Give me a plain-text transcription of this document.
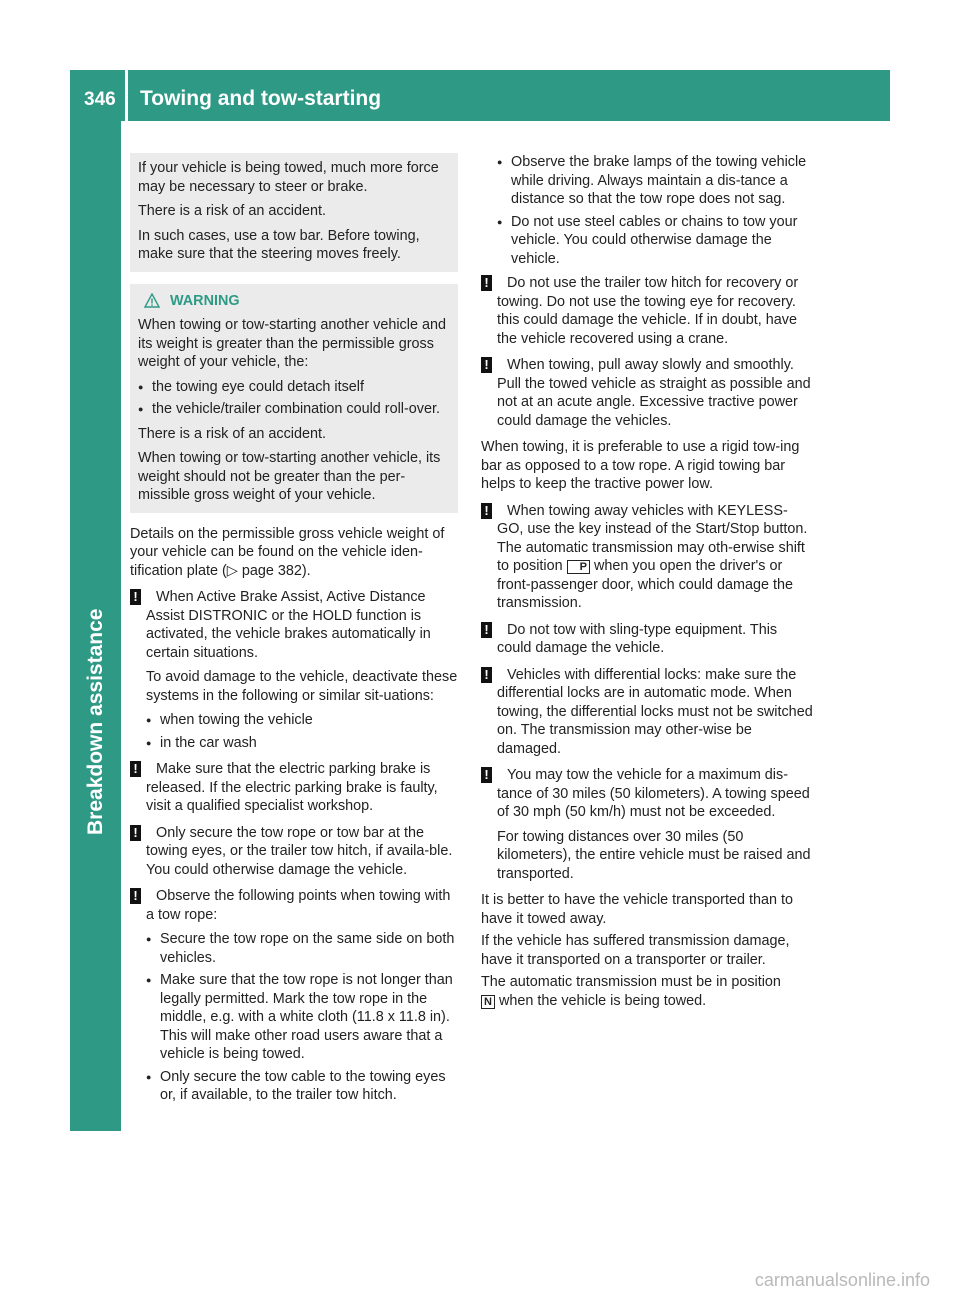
346 Towing and tow-starting
Breakdown assistance

If your vehicle is being towed, much more force may be necessary to steer or brake.

There is a risk of an accident.

In such cases, use a tow bar. Before towing, make sure that the steering moves freely.

WARNING

When towing or tow-starting another vehicle and its weight is greater than the permissible gross weight of your vehicle, the:

● the towing eye could detach itself
● the vehicle/trailer combination could roll-over.

There is a risk of an accident.

When towing or tow-starting another vehicle, its weight should not be greater than the per-missible gross weight of your vehicle.

Details on the permissible gross vehicle weight of your vehicle can be found on the vehicle iden-tification plate (▷ page 382).

!	When Active Brake Assist, Active Distance Assist DISTRONIC or the HOLD function is activated, the vehicle brakes automatically in certain situations.

To avoid damage to the vehicle, deactivate these systems in the following or similar sit-uations:

● when towing the vehicle
● in the car wash
!	Make sure that the electric parking brake is released. If the electric parking brake is faulty, visit a qualified specialist workshop.

!	Only secure the tow rope or tow bar at the towing eyes, or the trailer tow hitch, if availa-ble. You could otherwise damage the vehicle.

!	Observe the following points when towing with a tow rope:

● Secure the tow rope on the same side on both vehicles.
● Make sure that the tow rope is not longer than legally permitted. Mark the tow rope in the middle, e.g. with a white cloth (11.8 x 11.8 in). This will make other road users aware that a vehicle is being towed.
● Only secure the tow cable to the towing eyes or, if available, to the trailer tow hitch.
● Observe the brake lamps of the towing vehicle while driving. Always maintain a dis-tance a distance so that the tow rope does not sag.
● Do not use steel cables or chains to tow your vehicle. You could otherwise damage the vehicle.
!	Do not use the trailer tow hitch for recovery or towing. Do not use the towing eye for recovery. this could damage the vehicle. If in doubt, have the vehicle recovered using a crane.

!	When towing, pull away slowly and smoothly. Pull the towed vehicle as straight as possible and not at an acute angle. Excessive tractive power could damage the vehicles.

When towing, it is preferable to use a rigid tow-ing bar as opposed to a tow rope. A rigid towing bar helps to keep the tractive power low.

!	When towing away vehicles with KEYLESS-GO, use the key instead of the Start/Stop button. The automatic transmission may oth-erwise shift to position P when you open the driver's or front-passenger door, which could damage the transmission.

!	Do not tow with sling-type equipment. This could damage the vehicle.

!	Vehicles with differential locks: make sure the differential locks are in automatic mode. When towing, the differential locks must not be switched on. The transmission may other-wise be damaged.

!	You may tow the vehicle for a maximum dis-tance of 30 miles (50 kilometers). A towing speed of 30 mph (50 km/h) must not be exceeded.

For towing distances over 30 miles (50 kilometers), the entire vehicle must be raised and transported.

It is better to have the vehicle transported than to have it towed away.

If the vehicle has suffered transmission damage, have it transported on a transporter or trailer.

The automatic transmission must be in position
N when the vehicle is being towed.

carmanualsonline.info
